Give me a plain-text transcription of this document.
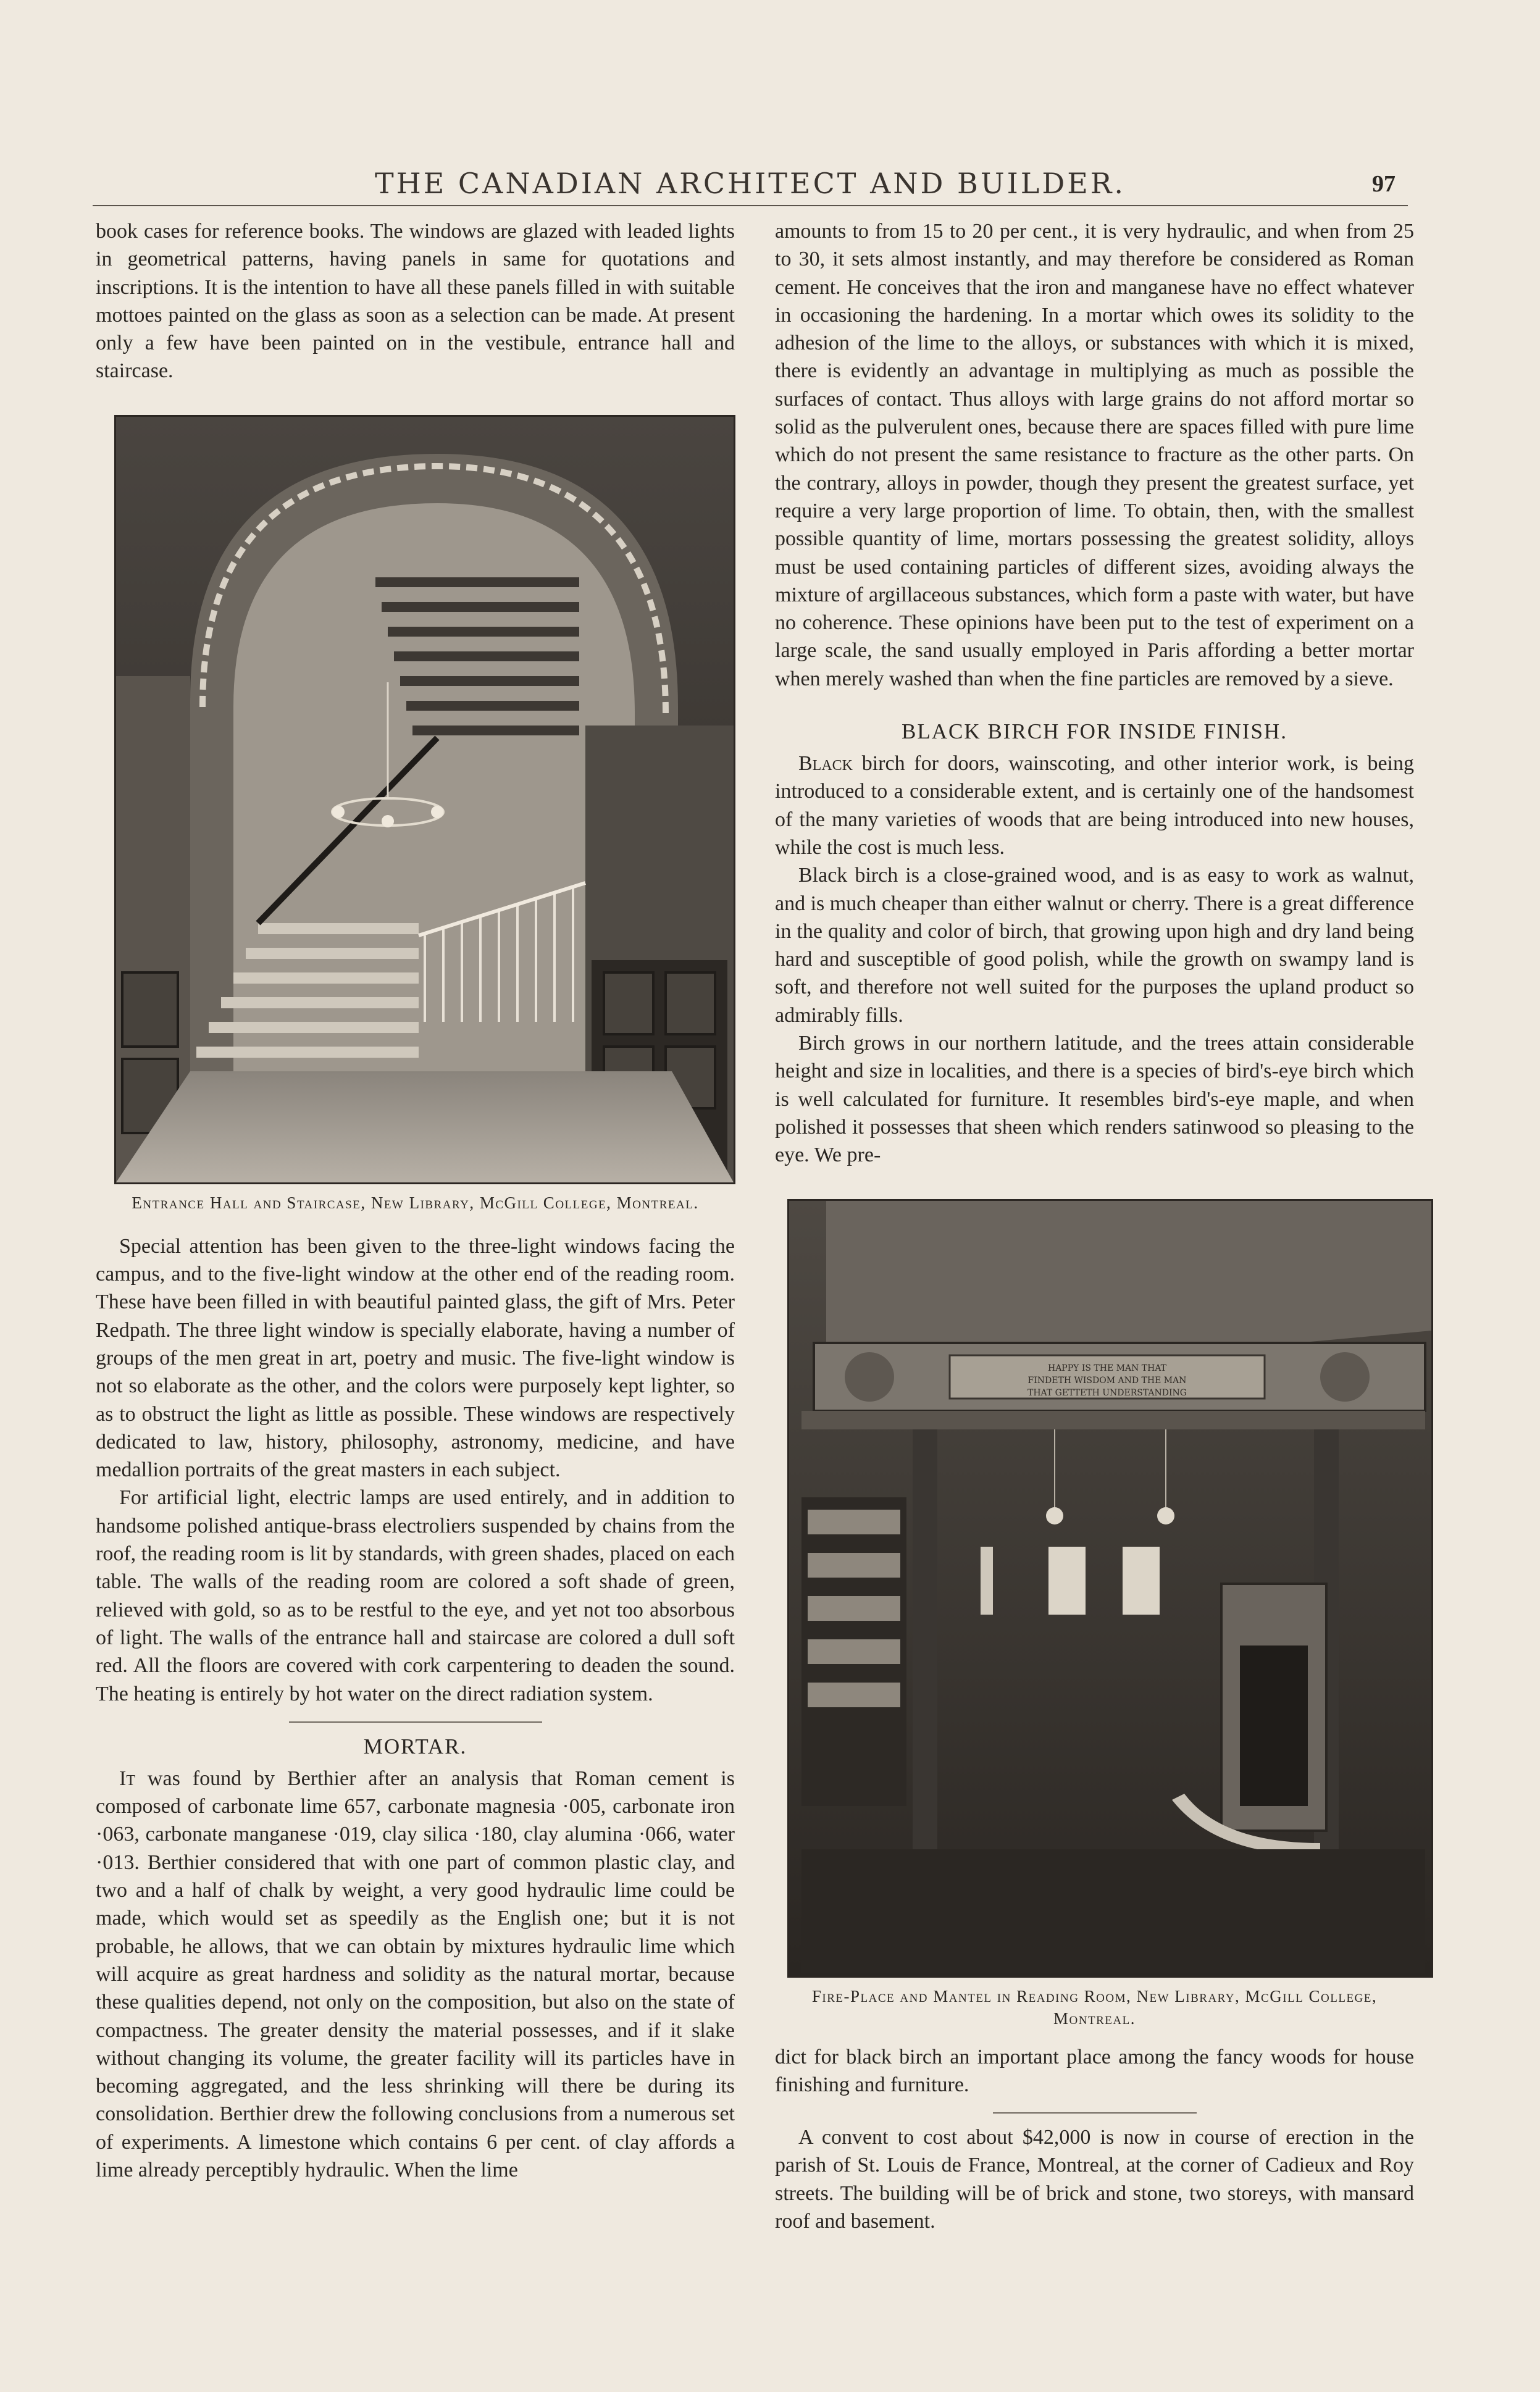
THE CANADIAN ARCHITECT AND BUILDER.	97

book cases for reference books. The windows are glazed with leaded lights in geometrical patterns, having panels in same for quotations and inscriptions. It is the intention to have all these panels filled in with suitable mottoes painted on the glass as soon as a selection can be made. At present only a few have been painted on in the vestibule, entrance hall and staircase.

Entrance Hall and Staircase, New Library, McGill College, Montreal.

Special attention has been given to the three-light windows facing the campus, and to the five-light window at the other end of the reading room. These have been filled in with beautiful painted glass, the gift of Mrs. Peter Redpath. The three light window is specially elaborate, having a number of groups of the men great in art, poetry and music. The five-light window is not so elaborate as the other, and the colors were purposely kept lighter, so as to obstruct the light as little as possible. These windows are respectively dedicated to law, history, philosophy, astronomy, medicine, and have medallion portraits of the great masters in each subject.

For artificial light, electric lamps are used entirely, and in addition to handsome polished antique-brass electroliers suspended by chains from the roof, the reading room is lit by standards, with green shades, placed on each table. The walls of the reading room are colored a soft shade of green, relieved with gold, so as to be restful to the eye, and yet not too absorbous of light. The walls of the entrance hall and staircase are colored a dull soft red. All the floors are covered with cork carpentering to deaden the sound. The heating is entirely by hot water on the direct radiation system.

MORTAR.

It was found by Berthier after an analysis that Roman cement is composed of carbonate lime 657, carbonate magnesia ·005, carbonate iron ·063, carbonate manganese ·019, clay silica ·180, clay alumina ·066, water ·013. Berthier considered that with one part of common plastic clay, and two and a half of chalk by weight, a very good hydraulic lime could be made, which would set as speedily as the English one; but it is not probable, he allows, that we can obtain by mixtures hydraulic lime which will acquire as great hardness and solidity as the natural mortar, because these qualities depend, not only on the composition, but also on the state of compactness. The greater density the material possesses, and if it slake without changing its volume, the greater facility will its particles have in becoming aggregated, and the less shrinking will there be during its consolidation. Berthier drew the following conclusions from a numerous set of experiments. A limestone which contains 6 per cent. of clay affords a lime already perceptibly hydraulic. When the lime

amounts to from 15 to 20 per cent., it is very hydraulic, and when from 25 to 30, it sets almost instantly, and may therefore be considered as Roman cement. He conceives that the iron and manganese have no effect whatever in occasioning the hardening. In a mortar which owes its solidity to the adhesion of the lime to the alloys, or substances with which it is mixed, there is evidently an advantage in multiplying as much as possible the surfaces of contact. Thus alloys with large grains do not afford mortar so solid as the pulverulent ones, because there are spaces filled with pure lime which do not present the same resistance to fracture as the other parts. On the contrary, alloys in powder, though they present the greatest surface, yet require a very large proportion of lime. To obtain, then, with the smallest possible quantity of lime, mortars possessing the greatest solidity, alloys must be used containing particles of different sizes, avoiding always the mixture of argillaceous substances, which form a paste with water, but have no coherence. These opinions have been put to the test of experiment on a large scale, the sand usually employed in Paris affording a better mortar when merely washed than when the fine particles are removed by a sieve.

BLACK BIRCH FOR INSIDE FINISH.

Black birch for doors, wainscoting, and other interior work, is being introduced to a considerable extent, and is certainly one of the handsomest of the many varieties of woods that are being introduced into new houses, while the cost is much less.

Black birch is a close-grained wood, and is as easy to work as walnut, and is much cheaper than either walnut or cherry. There is a great difference in the quality and color of birch, that growing upon high and dry land being hard and susceptible of good polish, while the growth on swampy land is soft, and therefore not well suited for the purposes the upland product so admirably fills.

Birch grows in our northern latitude, and the trees attain considerable height and size in localities, and there is a species of bird's-eye birch which is well calculated for furniture. It resembles bird's-eye maple, and when polished it possesses that sheen which renders satinwood so pleasing to the eye. We pre-

HAPPY IS THE MAN THAT
FINDETH WISDOM AND THE MAN
THAT GETTETH UNDERSTANDING
Fire-Place and Mantel in Reading Room, New Library, McGill College, Montreal.

dict for black birch an important place among the fancy woods for house finishing and furniture.

A convent to cost about $42,000 is now in course of erection in the parish of St. Louis de France, Montreal, at the corner of Cadieux and Roy streets. The building will be of brick and stone, two storeys, with mansard roof and basement.
